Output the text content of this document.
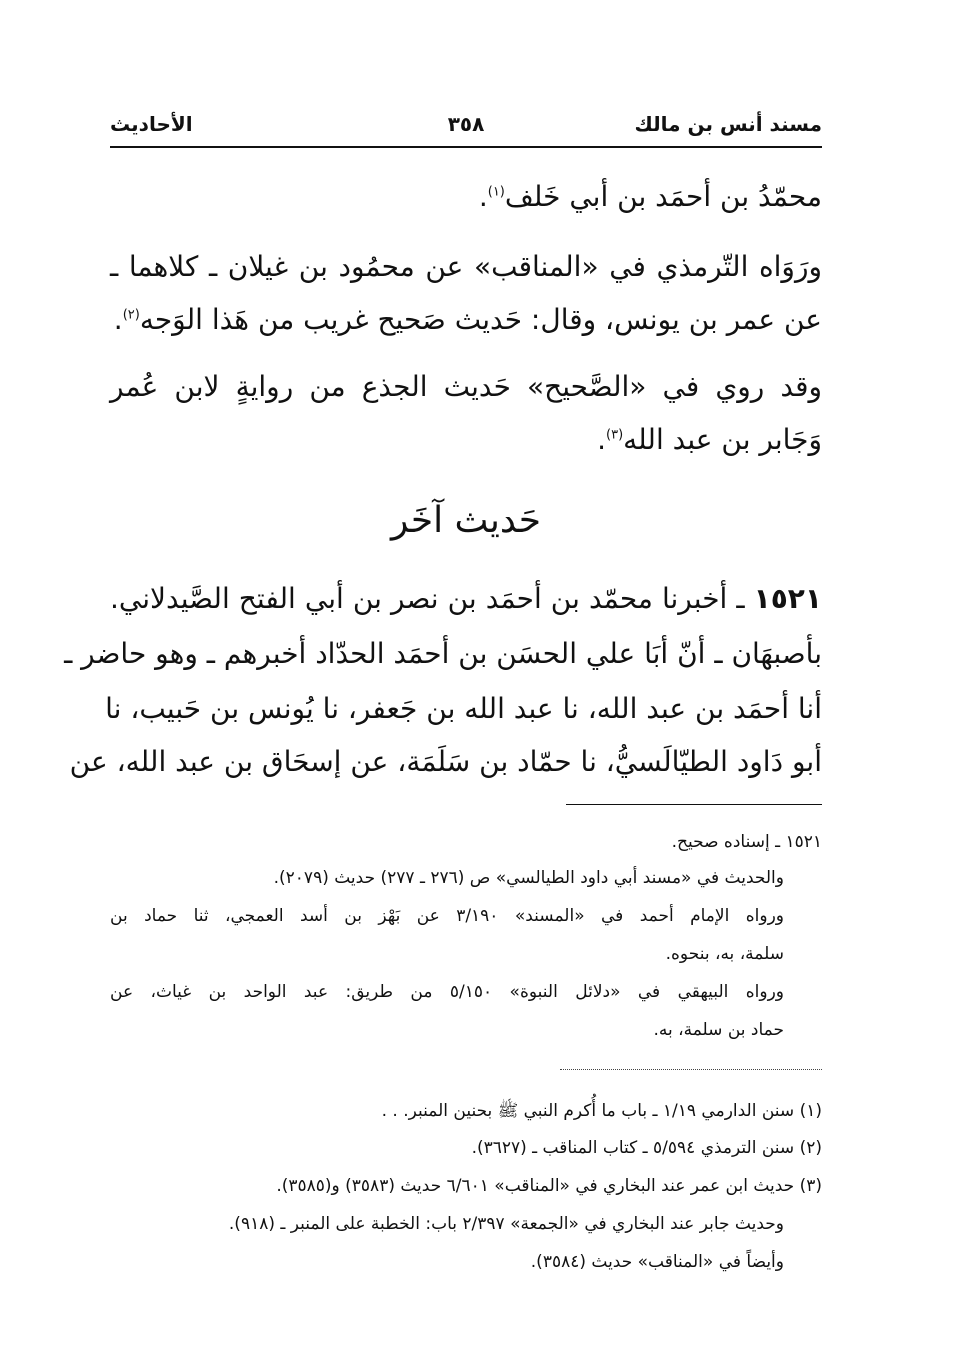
مسند أنس بن مالك
٣٥٨
الأحاديث
محمّدُ بن أحمَد بن أبي خَلف$^{(١)}$.
ورَوَاه التّرمذي في «المناقب» عن محمُود بن غيلان ـ كلاهما ـ
عن عمر بن يونس، وقال: حَديث صَحيح غريب من هَذا الوَجه$^{(٢)}$.
وقد روي في «الصَّحيح» حَديث الجذع من روايةٍ لابن عُمر
وَجَابر بن عبد الله$^{(٣)}$.
حَديث آخَر
١٥٢١ ـ أخبرنا محمّد بن أحمَد بن نصر بن أبي الفتح الصَّيدلاني.
بأصبهَان ـ أنّ أبَا علي الحسَن بن أحمَد الحدّاد أخبرهم ـ وهو حاضر ـ
أنا أحمَد بن عبد الله، نا عبد الله بن جَعفر، نا يُونس بن حَبيب، نا
أبو دَاود الطيّالَسيُّ، نا حمّاد بن سَلَمَة، عن إسحَاق بن عبد الله، عن
١٥٢١ ـ إسناده صحيح.
والحديث في «مسند أبي داود الطيالسي» ص (٢٧٦ ـ ٢٧٧) حديث (٢٠٧٩).
ورواه الإمام أحمد في «المسند» ٣/١٩٠ عن بَهْز بن أسد العمجي، ثنا حماد بن
سلمة، به، بنحوه.
ورواه البيهقي في «دلائل النبوة» ٥/١٥٠ من طريق: عبد الواحد بن غياث، عن
حماد بن سلمة، به.
(١) سنن الدارمي ١/١٩ ـ باب ما أُكرم النبي ﷺ بحنين المنبر. . .
(٢) سنن الترمذي ٥/٥٩٤ ـ كتاب المناقب ـ (٣٦٢٧).
(٣) حديث ابن عمر عند البخاري في «المناقب» ٦/٦٠١ حديث (٣٥٨٣) و(٣٥٨٥).
وحديث جابر عند البخاري في «الجمعة» ٢/٣٩٧ باب: الخطبة على المنبر ـ (٩١٨).
وأيضاً في «المناقب» حديث (٣٥٨٤).
